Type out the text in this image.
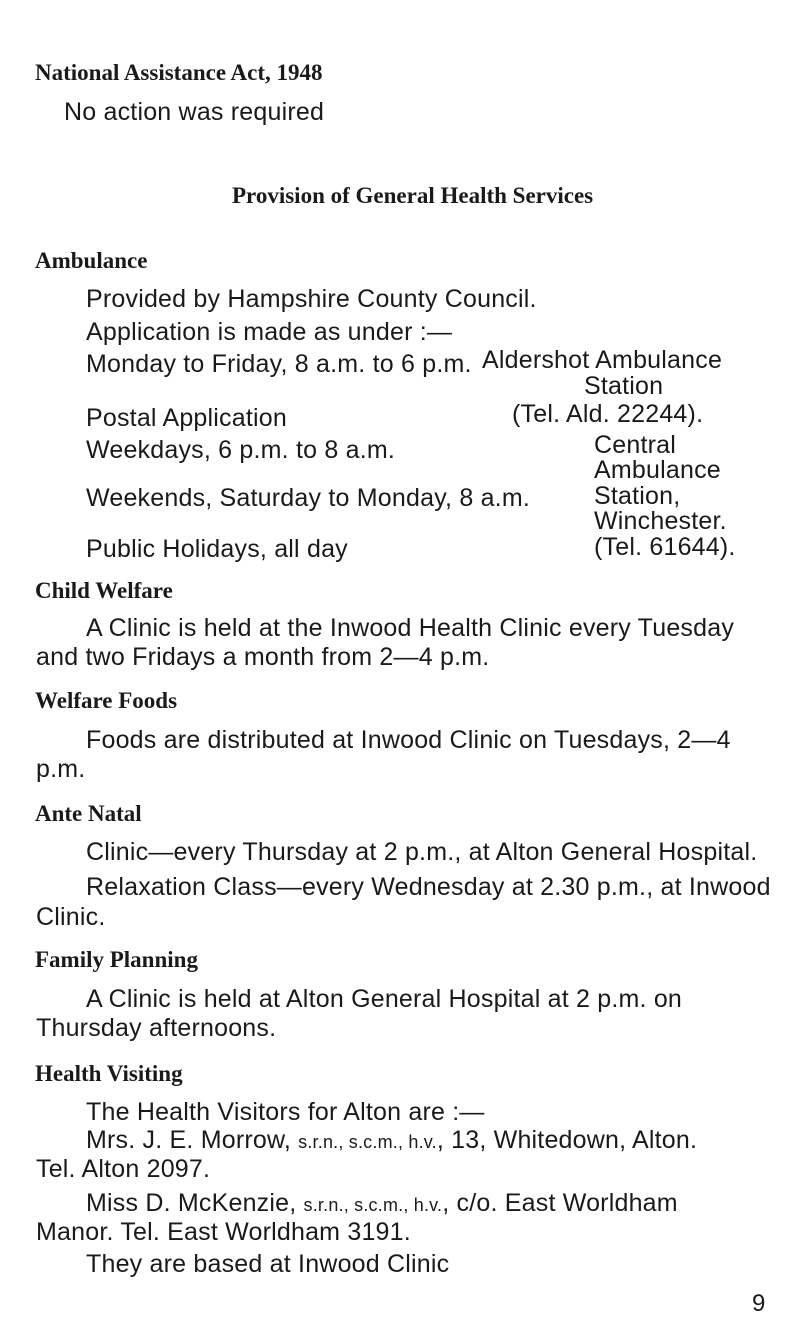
National Assistance Act, 1948
No action was required
Provision of General Health Services
Ambulance
Provided by Hampshire County Council.
Application is made as under :—
Monday to Friday, 8 a.m. to 6 p.m.
Postal Application
Weekdays, 6 p.m. to 8 a.m.
Weekends, Saturday to Monday, 8 a.m.
Public Holidays, all day
Aldershot Ambulance
Station
(Tel. Ald. 22244).
Central
Ambulance
Station,
Winchester.
(Tel. 61644).
Child Welfare
A Clinic is held at the Inwood Health Clinic every Tuesday
and two Fridays a month from 2—4 p.m.
Welfare Foods
Foods are distributed at Inwood Clinic on Tuesdays, 2—4
p.m.
Ante Natal
Clinic—every Thursday at 2 p.m., at Alton General Hospital.
Relaxation Class—every Wednesday at 2.30 p.m., at Inwood
Clinic.
Family Planning
A Clinic is held at Alton General Hospital at 2 p.m. on
Thursday afternoons.
Health Visiting
The Health Visitors for Alton are :—
Mrs. J. E. Morrow, s.r.n., s.c.m., h.v., 13, Whitedown, Alton.
Tel. Alton 2097.
Miss D. McKenzie, s.r.n., s.c.m., h.v., c/o. East Worldham
Manor. Tel. East Worldham 3191.
They are based at Inwood Clinic
9
